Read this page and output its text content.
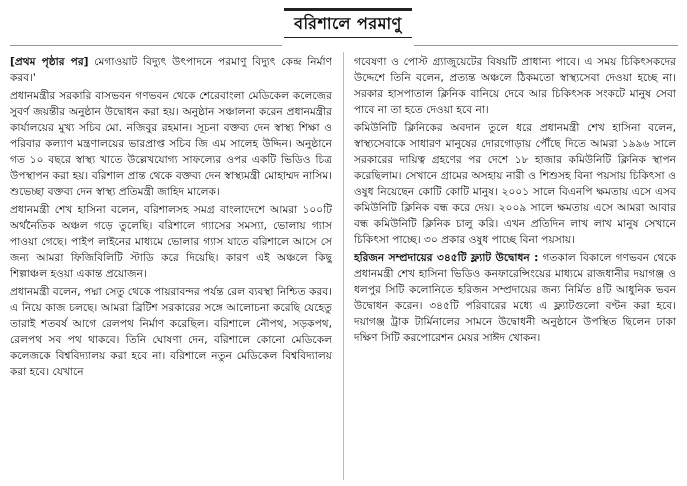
বরিশালে পরমাণু

[প্রথম পৃষ্ঠার পর] মেগাওয়াট বিদ্যুৎ উৎপাদনে পরমাণু বিদ্যুৎ কেন্দ্র নির্মাণ করব।'

প্রধানমন্ত্রীর সরকারি বাসভবন গণভবন থেকে শেরেবাংলা মেডিকেল কলেজের সুবর্ণ জয়ন্তীর অনুষ্ঠান উদ্বোধন করা হয়। অনুষ্ঠান সঞ্চালনা করেন প্রধানমন্ত্রীর কার্যালয়ের মুখ্য সচিব মো. নজিবুর রহমান। সূচনা বক্তব্য দেন স্বাস্থ্য শিক্ষা ও পরিবার কল্যাণ মন্ত্রণালয়ের ভারপ্রাপ্ত সচিব জি এম সালেহ উদ্দিন। অনুষ্ঠানে গত ১০ বছরে স্বাস্থ্য খাতে উল্লেখযোগ্য সাফল্যের ওপর একটি ভিডিও চিত্র উপস্থাপন করা হয়। বরিশাল প্রান্ত থেকে বক্তব্য দেন স্বাস্থ্যমন্ত্রী মোহাম্মদ নাসিম। শুভেচ্ছা বক্তব্য দেন স্বাস্থ্য প্রতিমন্ত্রী জাহিদ মালেক।

প্রধানমন্ত্রী শেখ হাসিনা বলেন, বরিশালসহ সমগ্র বাংলাদেশে আমরা ১০০টি অর্থনৈতিক অঞ্চল গড়ে তুলেছি। বরিশালে গ্যাসের সমস্যা, ভোলায় গ্যাস পাওয়া গেছে। পাইপ লাইনের মাধ্যমে ভোলার গ্যাস যাতে বরিশালে আসে সে জন্য আমরা ফিজিবিলিটি স্টাডি করে দিয়েছি। কারণ এই অঞ্চলে কিছু শিল্পাঞ্চল হওয়া একান্ত প্রয়োজন।

প্রধানমন্ত্রী বলেন, পদ্মা সেতু থেকে পায়রাবন্দর পর্যন্ত রেল ব্যবস্থা নিশ্চিত করব। এ নিয়ে কাজ চলছে। আমরা ব্রিটিশ সরকারের সঙ্গে আলোচনা করেছি যেহেতু তারাই শতবর্ষ আগে রেলপথ নির্মাণ করেছিল। বরিশালে নৌপথ, সড়কপথ, রেলপথ সব পথ থাকবে। তিনি ঘোষণা দেন, বরিশালে কোনো মেডিকেল কলেজকে বিশ্ববিদ্যালয় করা হবে না। বরিশালে নতুন মেডিকেল বিশ্ববিদ্যালয় করা হবে। যেখানে

গবেষণা ও পোস্ট গ্র্যাজুয়েটের বিষয়টি প্রাধান্য পাবে। এ সময় চিকিৎসকদের উদ্দেশে তিনি বলেন, প্রত্যন্ত অঞ্চলে ঠিকমতো স্বাস্থ্যসেবা দেওয়া হচ্ছে না। সরকার হাসপাতাল ক্লিনিক বানিয়ে দেবে আর চিকিৎসক সংকটে মানুষ সেবা পাবে না তা হতে দেওয়া হবে না।

কমিউনিটি ক্লিনিকের অবদান তুলে ধরে প্রধানমন্ত্রী শেখ হাসিনা বলেন, স্বাস্থ্যসেবাকে সাধারণ মানুষের দোরগোড়ায় পৌঁছে দিতে আমরা ১৯৯৬ সালে সরকারের দায়িত্ব গ্রহণের পর দেশে ১৮ হাজার কমিউনিটি ক্লিনিক স্থাপন করেছিলাম। সেখানে গ্রামের অসহায় নারী ও শিশুসহ বিনা পয়সায় চিকিৎসা ও ওষুধ নিয়েছেন কোটি কোটি মানুষ। ২০০১ সালে বিএনপি ক্ষমতায় এসে এসব কমিউনিটি ক্লিনিক বন্ধ করে দেয়। ২০০৯ সালে ক্ষমতায় এসে আমরা আবার বন্ধ কমিউনিটি ক্লিনিক চালু করি। এখন প্রতিদিন লাখ লাখ মানুষ সেখানে চিকিৎসা পাচ্ছে। ৩০ প্রকার ওষুধ পাচ্ছে বিনা পয়সায়।

হরিজন সম্প্রদায়ের ৩৪৫টি ফ্ল্যাট উদ্বোধন : গতকাল বিকালে গণভবন থেকে প্রধানমন্ত্রী শেখ হাসিনা ভিডিও কনফারেন্সিংয়ের মাধ্যমে রাজধানীর দয়াগঞ্জ ও ধলপুর সিটি কলোনিতে হরিজন সম্প্রদায়ের জন্য নির্মিত ৪টি আধুনিক ভবন উদ্বোধন করেন। ৩৪৫টি পরিবারের মধ্যে এ ফ্ল্যাটগুলো বণ্টন করা হবে। দয়াগঞ্জ ট্রাক টার্মিনালের সামনে উদ্বোধনী অনুষ্ঠানে উপস্থিত ছিলেন ঢাকা দক্ষিণ সিটি করপোরেশন মেয়র সাঈদ খোকন।
